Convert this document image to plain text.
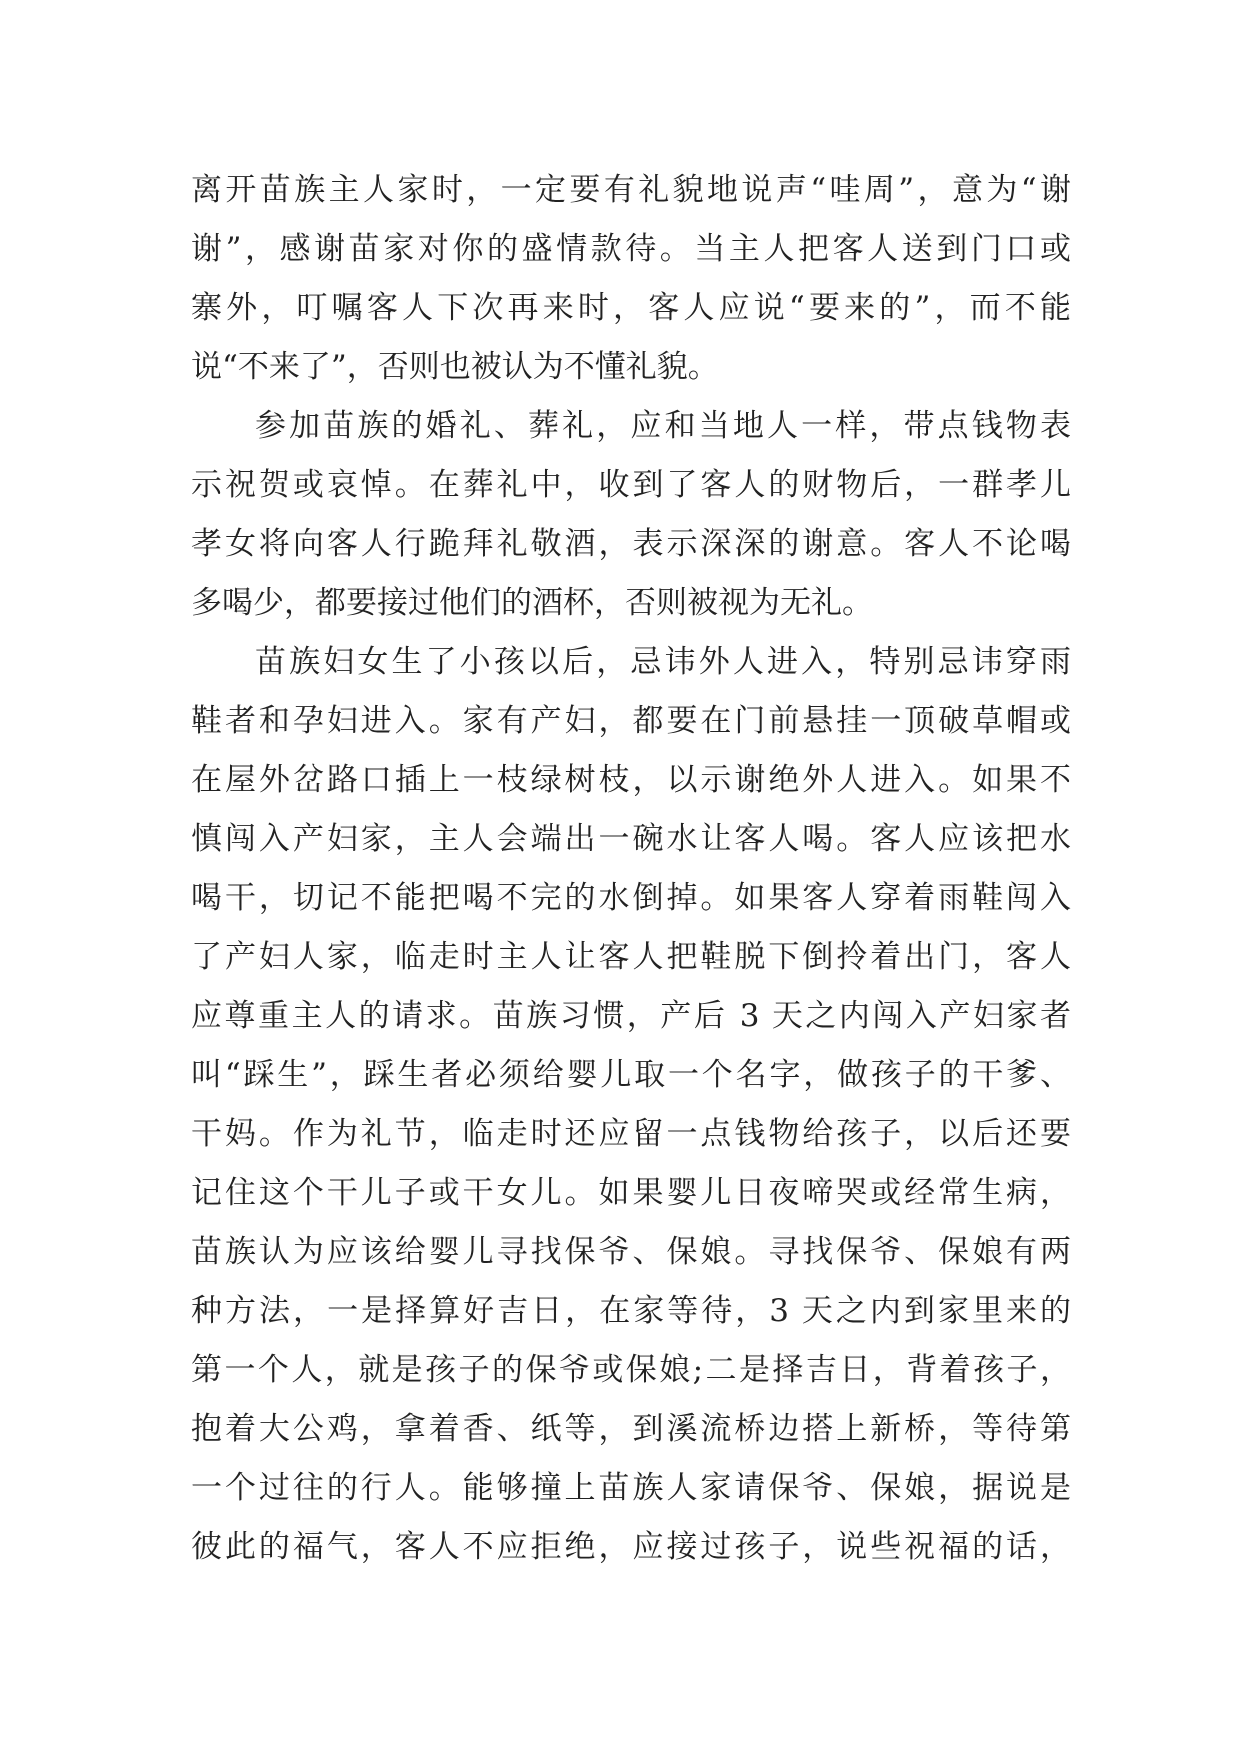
离开苗族主人家时，一定要有礼貌地说声“哇周”，意为“谢
谢”，感谢苗家对你的盛情款待。当主人把客人送到门口或
寨外，叮嘱客人下次再来时，客人应说“要来的”，而不能
说“不来了”，否则也被认为不懂礼貌。
参加苗族的婚礼、葬礼，应和当地人一样，带点钱物表
示祝贺或哀悼。在葬礼中，收到了客人的财物后，一群孝儿
孝女将向客人行跪拜礼敬酒，表示深深的谢意。客人不论喝
多喝少，都要接过他们的酒杯，否则被视为无礼。
苗族妇女生了小孩以后，忌讳外人进入，特别忌讳穿雨
鞋者和孕妇进入。家有产妇，都要在门前悬挂一顶破草帽或
在屋外岔路口插上一枝绿树枝，以示谢绝外人进入。如果不
慎闯入产妇家，主人会端出一碗水让客人喝。客人应该把水
喝干，切记不能把喝不完的水倒掉。如果客人穿着雨鞋闯入
了产妇人家，临走时主人让客人把鞋脱下倒拎着出门，客人
应尊重主人的请求。苗族习惯，产后 3 天之内闯入产妇家者
叫“踩生”，踩生者必须给婴儿取一个名字，做孩子的干爹、
干妈。作为礼节，临走时还应留一点钱物给孩子，以后还要
记住这个干儿子或干女儿。如果婴儿日夜啼哭或经常生病，
苗族认为应该给婴儿寻找保爷、保娘。寻找保爷、保娘有两
种方法，一是择算好吉日，在家等待，3 天之内到家里来的
第一个人，就是孩子的保爷或保娘;二是择吉日，背着孩子，
抱着大公鸡，拿着香、纸等，到溪流桥边搭上新桥，等待第
一个过往的行人。能够撞上苗族人家请保爷、保娘，据说是
彼此的福气，客人不应拒绝，应接过孩子，说些祝福的话，
